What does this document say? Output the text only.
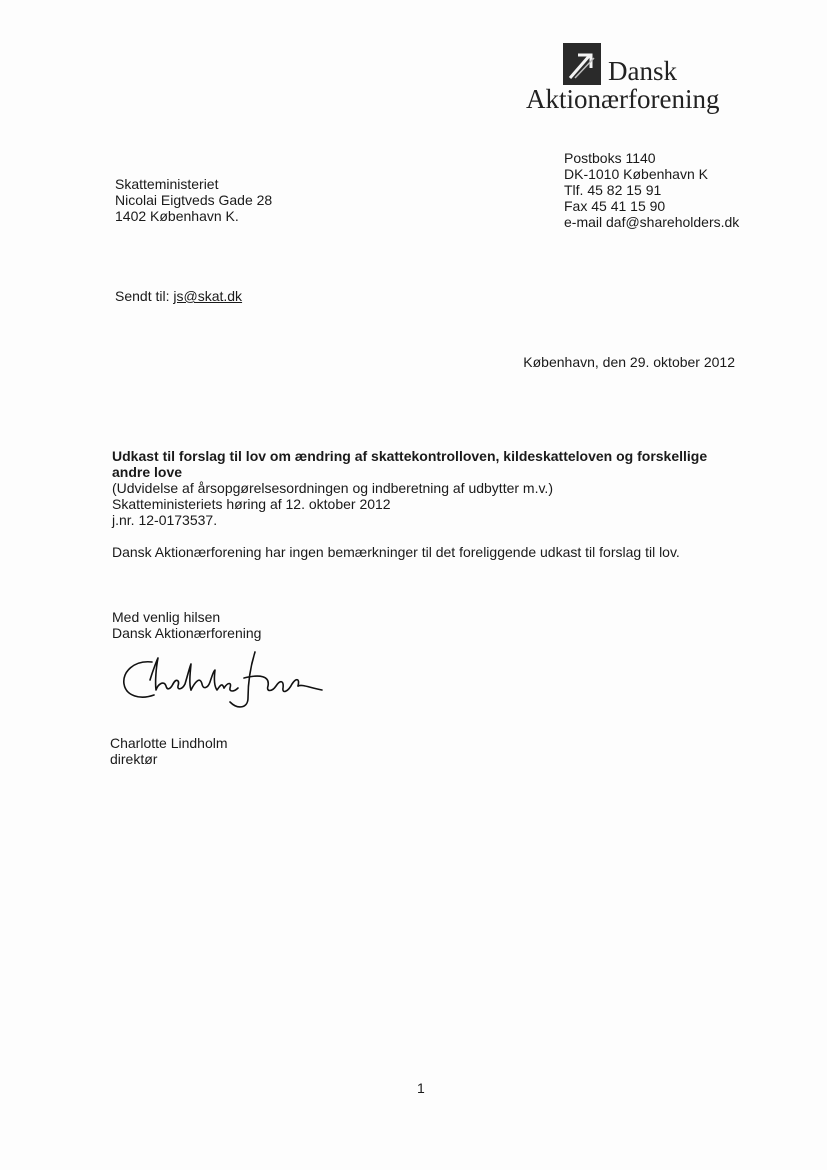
Dansk
Aktionærforening
Postboks 1140
DK-1010 København K
Tlf. 45 82 15 91
Fax 45 41 15 90
e-mail daf@shareholders.dk
Skatteministeriet
Nicolai Eigtveds Gade 28
1402 København K.
Sendt til: js@skat.dk
København, den 29. oktober 2012
Udkast til forslag til lov om ændring af skattekontrolloven, kildeskatteloven og forskellige andre love
(Udvidelse af årsopgørelsesordningen og indberetning af udbytter m.v.)
Skatteministeriets høring af 12. oktober 2012
j.nr. 12-0173537.
Dansk Aktionærforening har ingen bemærkninger til det foreliggende udkast til forslag til lov.
Med venlig hilsen
Dansk Aktionærforening
Charlotte Lindholm
direktør
1
